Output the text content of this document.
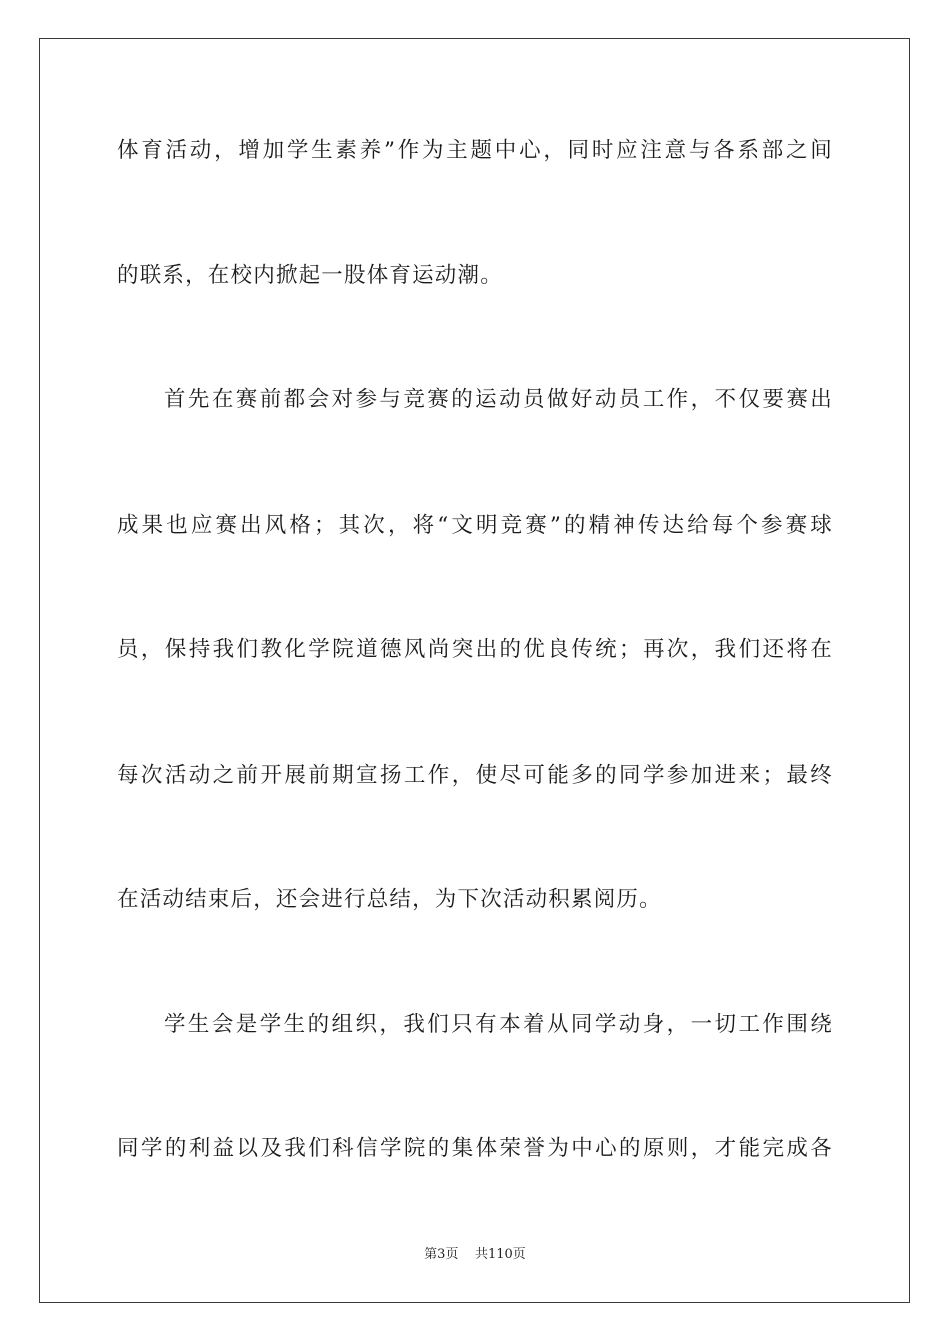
体育活动，增加学生素养”作为主题中心，同时应注意与各系部之间
的联系，在校内掀起一股体育运动潮。
首先在赛前都会对参与竞赛的运动员做好动员工作，不仅要赛出
成果也应赛出风格；其次，将“文明竞赛”的精神传达给每个参赛球
员，保持我们教化学院道德风尚突出的优良传统；再次，我们还将在
每次活动之前开展前期宣扬工作，使尽可能多的同学参加进来；最终
在活动结束后，还会进行总结，为下次活动积累阅历。
学生会是学生的组织，我们只有本着从同学动身，一切工作围绕
同学的利益以及我们科信学院的集体荣誉为中心的原则，才能完成各
第3页 共110页
